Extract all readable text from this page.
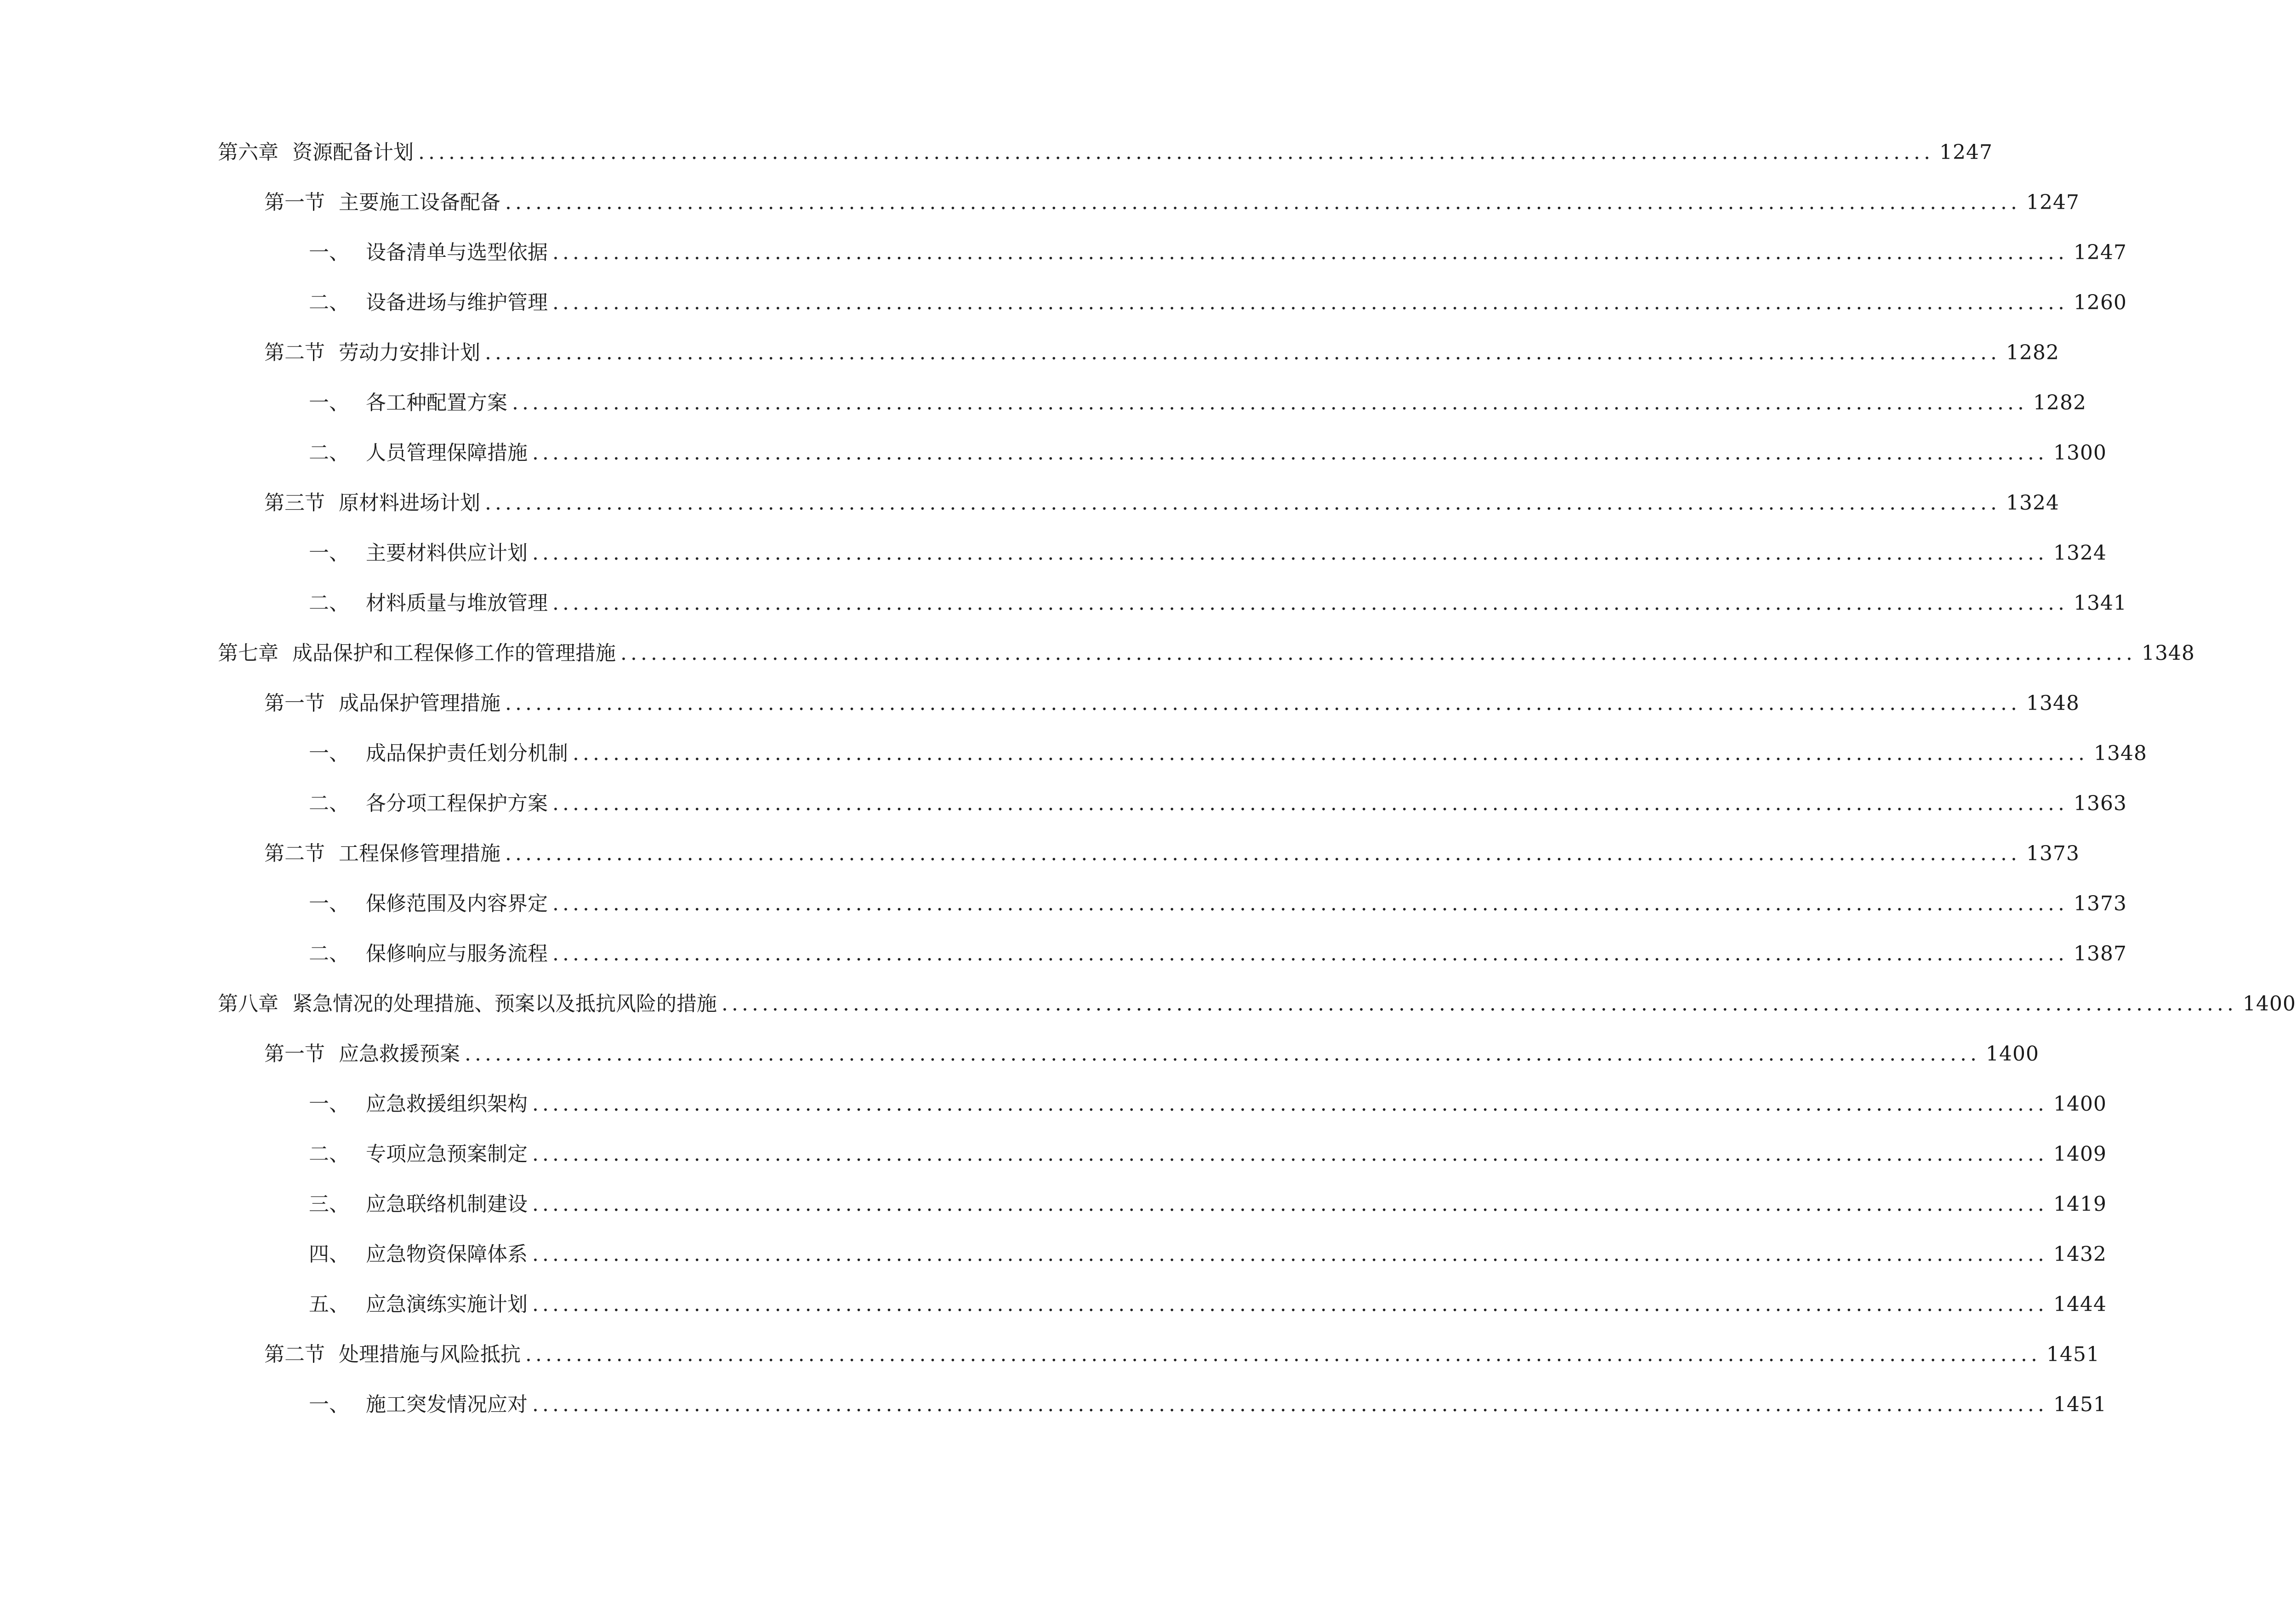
第六章 资源配备计划 ...................................................................................................................................................... 1247
第一节 主要施工设备配备 ...................................................................................................................................................... 1247
一、 设备清单与选型依据 ...................................................................................................................................................... 1247
二、 设备进场与维护管理 ...................................................................................................................................................... 1260
第二节 劳动力安排计划 ...................................................................................................................................................... 1282
一、 各工种配置方案 ...................................................................................................................................................... 1282
二、 人员管理保障措施 ...................................................................................................................................................... 1300
第三节 原材料进场计划 ...................................................................................................................................................... 1324
一、 主要材料供应计划 ...................................................................................................................................................... 1324
二、 材料质量与堆放管理 ...................................................................................................................................................... 1341
第七章 成品保护和工程保修工作的管理措施 ...................................................................................................................................................... 1348
第一节 成品保护管理措施 ...................................................................................................................................................... 1348
一、 成品保护责任划分机制 ...................................................................................................................................................... 1348
二、 各分项工程保护方案 ...................................................................................................................................................... 1363
第二节 工程保修管理措施 ...................................................................................................................................................... 1373
一、 保修范围及内容界定 ...................................................................................................................................................... 1373
二、 保修响应与服务流程 ...................................................................................................................................................... 1387
第八章 紧急情况的处理措施、预案以及抵抗风险的措施 ...................................................................................................................................................... 1400
第一节 应急救援预案 ...................................................................................................................................................... 1400
一、 应急救援组织架构 ...................................................................................................................................................... 1400
二、 专项应急预案制定 ...................................................................................................................................................... 1409
三、 应急联络机制建设 ...................................................................................................................................................... 1419
四、 应急物资保障体系 ...................................................................................................................................................... 1432
五、 应急演练实施计划 ...................................................................................................................................................... 1444
第二节 处理措施与风险抵抗 ...................................................................................................................................................... 1451
一、 施工突发情况应对 ...................................................................................................................................................... 1451
